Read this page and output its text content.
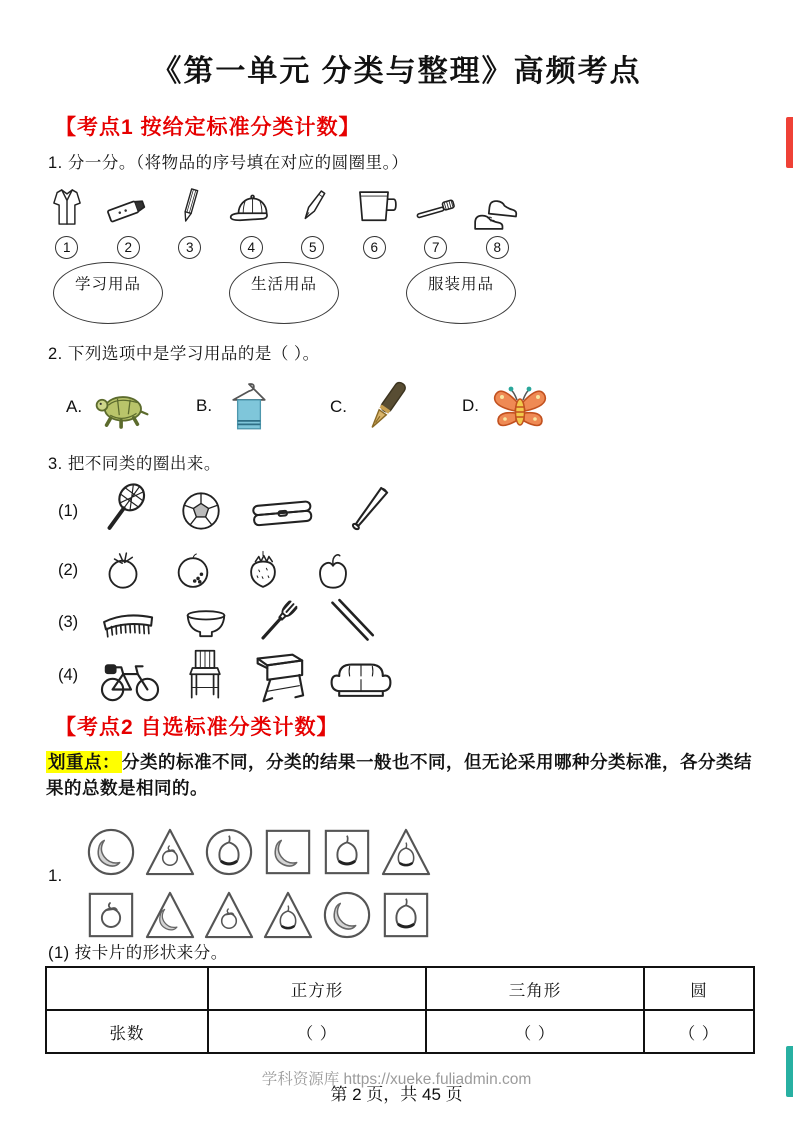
《第一单元 分类与整理》高频考点
【考点1 按给定标准分类计数】
1. 分一分。（将物品的序号填在对应的圆圈里。）
1	2	3	4	5	6	7	8
学习用品	生活用品	服装用品
2. 下列选项中是学习用品的是（ ）。
A.	B.	C.	D.
3. 把不同类的圈出来。
(1)
(2)
(3)
(4)
【考点2 自选标准分类计数】
划重点： 分类的标准不同，分类的结果一般也不同，但无论采用哪种分类标准，各分类结果的总数是相同的。
1.
(1) 按卡片的形状来分。
	正方形	三角形	圆
张数	（ ）	（ ）	（ ）
学科资源库 https://xueke.fuliadmin.com
第 2 页，共 45 页
